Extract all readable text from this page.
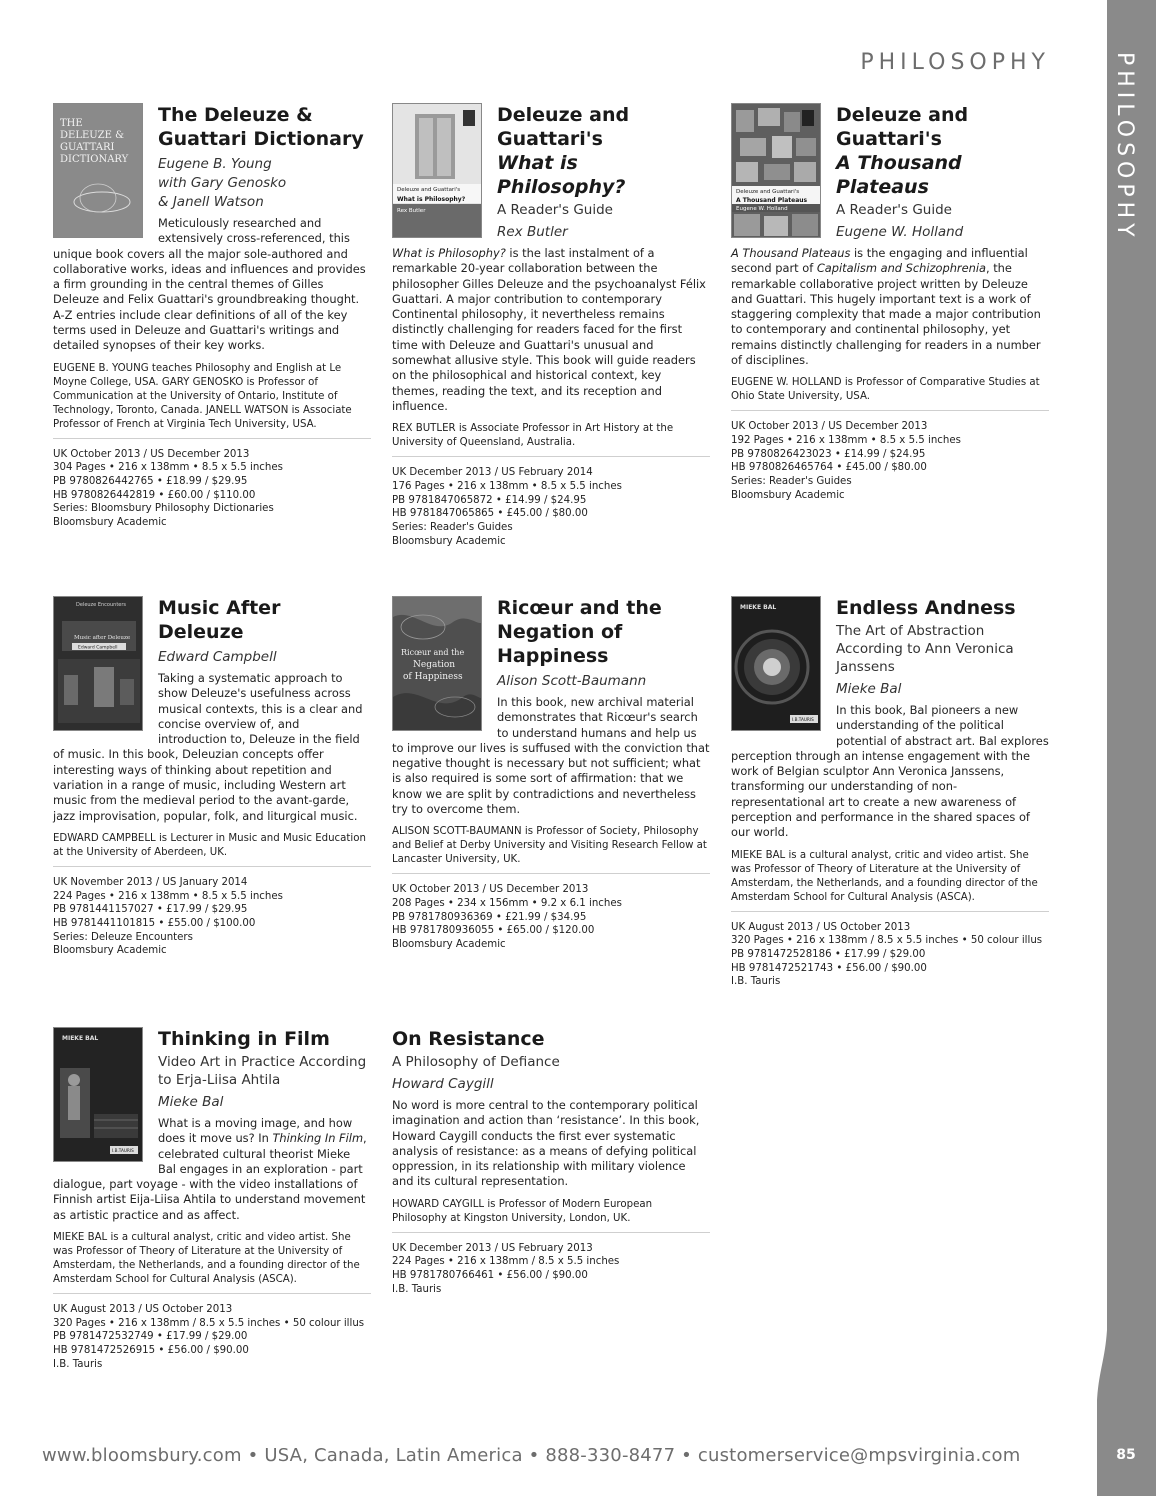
PHILOSOPHY	PHILOSOPHY
85
THE
DELEUZE &
GUATTARI
DICTIONARY
The Deleuze &
Guattari Dictionary
Eugene B. Young
with Gary Genosko
& Janell Watson
Meticulously researched and extensively cross-referenced, this unique book covers all the major sole-authored and collaborative works, ideas and influences and provides a firm grounding in the central themes of Gilles Deleuze and Felix Guattari's groundbreaking thought. A-Z entries include clear definitions of all of the key terms used in Deleuze and Guattari's writings and detailed synopses of their key works.
EUGENE B. YOUNG teaches Philosophy and English at Le Moyne College, USA. GARY GENOSKO is Professor of Communication at the University of Ontario, Institute of Technology, Toronto, Canada. JANELL WATSON is Associate Professor of French at Virginia Tech University, USA.
UK October 2013 / US December 2013
304 Pages • 216 x 138mm • 8.5 x 5.5 inches
PB 9780826442765 • £18.99 / $29.95
HB 9780826442819 • £60.00 / $110.00
Series: Bloomsbury Philosophy Dictionaries
Bloomsbury Academic
Deleuze and Guattari's
What is Philosophy?
Rex Butler
Deleuze and
Guattari's
What is Philosophy?
A Reader's Guide
Rex Butler
What is Philosophy? is the last instalment of a remarkable 20-year collaboration between the philosopher Gilles Deleuze and the psychoanalyst Félix Guattari. A major contribution to contemporary Continental philosophy, it nevertheless remains distinctly challenging for readers faced for the first time with Deleuze and Guattari's unusual and somewhat allusive style. This book will guide readers on the philosophical and historical context, key themes, reading the text, and its reception and influence.
REX BUTLER is Associate Professor in Art History at the University of Queensland, Australia.
UK December 2013 / US February 2014
176 Pages • 216 x 138mm • 8.5 x 5.5 inches
PB 9781847065872 • £14.99 / $24.95
HB 9781847065865 • £45.00 / $80.00
Series: Reader's Guides
Bloomsbury Academic
Deleuze and Guattari's
A Thousand Plateaus
Eugene W. Holland
Deleuze and
Guattari's
A Thousand Plateaus
A Reader's Guide
Eugene W. Holland
A Thousand Plateaus is the engaging and influential second part of Capitalism and Schizophrenia, the remarkable collaborative project written by Deleuze and Guattari. This hugely important text is a work of staggering complexity that made a major contribution to contemporary and continental philosophy, yet remains distinctly challenging for readers in a number of disciplines.
EUGENE W. HOLLAND is Professor of Comparative Studies at Ohio State University, USA.
UK October 2013 / US December 2013
192 Pages • 216 x 138mm • 8.5 x 5.5 inches
PB 9780826423023 • £14.99 / $24.95
HB 9780826465764 • £45.00 / $80.00
Series: Reader's Guides
Bloomsbury Academic
Deleuze Encounters
Music after Deleuze
Edward Campbell
Music After Deleuze
Edward Campbell
Taking a systematic approach to show Deleuze's usefulness across musical contexts, this is a clear and concise overview of, and introduction to, Deleuze in the field of music. In this book, Deleuzian concepts offer interesting ways of thinking about repetition and variation in a range of music, including Western art music from the medieval period to the avant-garde, jazz improvisation, popular, folk, and liturgical music.
EDWARD CAMPBELL is Lecturer in Music and Music Education at the University of Aberdeen, UK.
UK November 2013 / US January 2014
224 Pages • 216 x 138mm • 8.5 x 5.5 inches
PB 9781441157027 • £17.99 / $29.95
HB 9781441101815 • £55.00 / $100.00
Series: Deleuze Encounters
Bloomsbury Academic
Ricœur and the
Negation
of Happiness
Ricœur and the
Negation of
Happiness
Alison Scott-Baumann
In this book, new archival material demonstrates that Ricœur's search to understand humans and help us to improve our lives is suffused with the conviction that negative thought is necessary but not sufficient; what is also required is some sort of affirmation: that we know we are split by contradictions and nevertheless try to overcome them.
ALISON SCOTT-BAUMANN is Professor of Society, Philosophy and Belief at Derby University and Visiting Research Fellow at Lancaster University, UK.
UK October 2013 / US December 2013
208 Pages • 234 x 156mm • 9.2 x 6.1 inches
PB 9781780936369 • £21.99 / $34.95
HB 9781780936055 • £65.00 / $120.00
Bloomsbury Academic
MIEKE BAL
I.B.TAURIS
Endless Andness
The Art of Abstraction According to Ann Veronica Janssens
Mieke Bal
In this book, Bal pioneers a new understanding of the political potential of abstract art. Bal explores perception through an intense engagement with the work of Belgian sculptor Ann Veronica Janssens, transforming our understanding of non-representational art to create a new awareness of perception and performance in the shared spaces of our world.
MIEKE BAL is a cultural analyst, critic and video artist. She was Professor of Theory of Literature at the University of Amsterdam, the Netherlands, and a founding director of the Amsterdam School for Cultural Analysis (ASCA).
UK August 2013 / US October 2013
320 Pages • 216 x 138mm / 8.5 x 5.5 inches • 50 colour illus
PB 9781472528186 • £17.99 / $29.00
HB 9781472521743 • £56.00 / $90.00
I.B. Tauris
MIEKE BAL
I.B.TAURIS
Thinking in Film
Video Art in Practice According to Erja-Liisa Ahtila
Mieke Bal
What is a moving image, and how does it move us? In Thinking In Film, celebrated cultural theorist Mieke Bal engages in an exploration - part dialogue, part voyage - with the video installations of Finnish artist Eija-Liisa Ahtila to understand movement as artistic practice and as affect.
MIEKE BAL is a cultural analyst, critic and video artist. She was Professor of Theory of Literature at the University of Amsterdam, the Netherlands, and a founding director of the Amsterdam School for Cultural Analysis (ASCA).
UK August 2013 / US October 2013
320 Pages • 216 x 138mm / 8.5 x 5.5 inches • 50 colour illus
PB 9781472532749 • £17.99 / $29.00
HB 9781472526915 • £56.00 / $90.00
I.B. Tauris
On Resistance
A Philosophy of Defiance
Howard Caygill
No word is more central to the contemporary political imagination and action than ‘resistance’. In this book, Howard Caygill conducts the first ever systematic analysis of resistance: as a means of defying political oppression, in its relationship with military violence and its cultural representation.
HOWARD CAYGILL is Professor of Modern European Philosophy at Kingston University, London, UK.
UK December 2013 / US February 2013
224 Pages • 216 x 138mm / 8.5 x 5.5 inches
HB 9781780766461 • £56.00 / $90.00
I.B. Tauris
www.bloomsbury.com • USA, Canada, Latin America • 888-330-8477 • customerservice@mpsvirginia.com
